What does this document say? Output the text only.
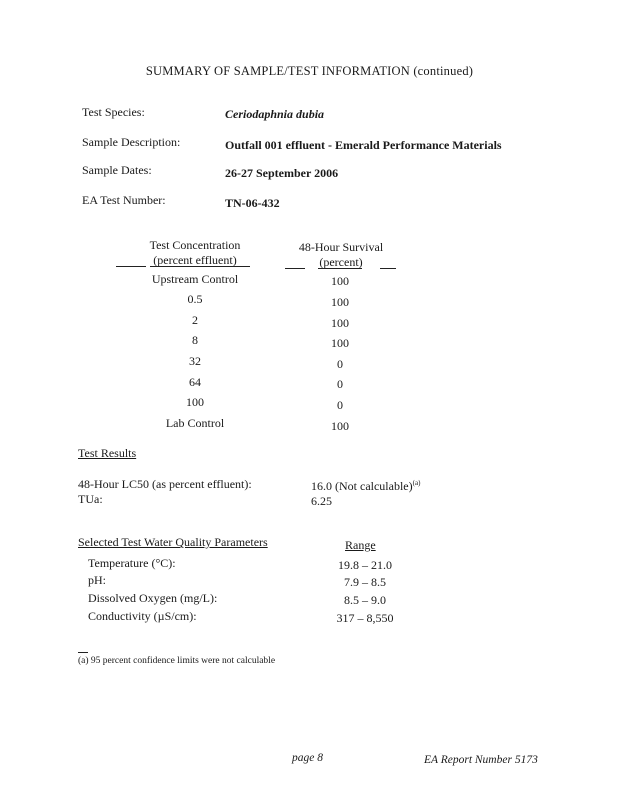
SUMMARY OF SAMPLE/TEST INFORMATION (continued)
Test Species:	Ceriodaphnia dubia
Sample Description:	Outfall 001 effluent - Emerald Performance Materials
Sample Dates:	26-27 September 2006
EA Test Number:	TN-06-432
Test Concentration
(percent effluent)
48-Hour Survival
(percent)
Upstream Control	100
0.5	100
2	100
8	100
32	0
64	0
100	0
Lab Control	100
Test Results
48-Hour LC50 (as percent effluent):	16.0 (Not calculable)$^{(a)}$
TUa:	6.25
Selected Test Water Quality Parameters	Range
Temperature (°C):	19.8 – 21.0
pH:	7.9 – 8.5
Dissolved Oxygen (mg/L):	8.5 – 9.0
Conductivity (µS/cm):	317 – 8,550
(a) 95 percent confidence limits were not calculable
page 8	EA Report Number 5173
